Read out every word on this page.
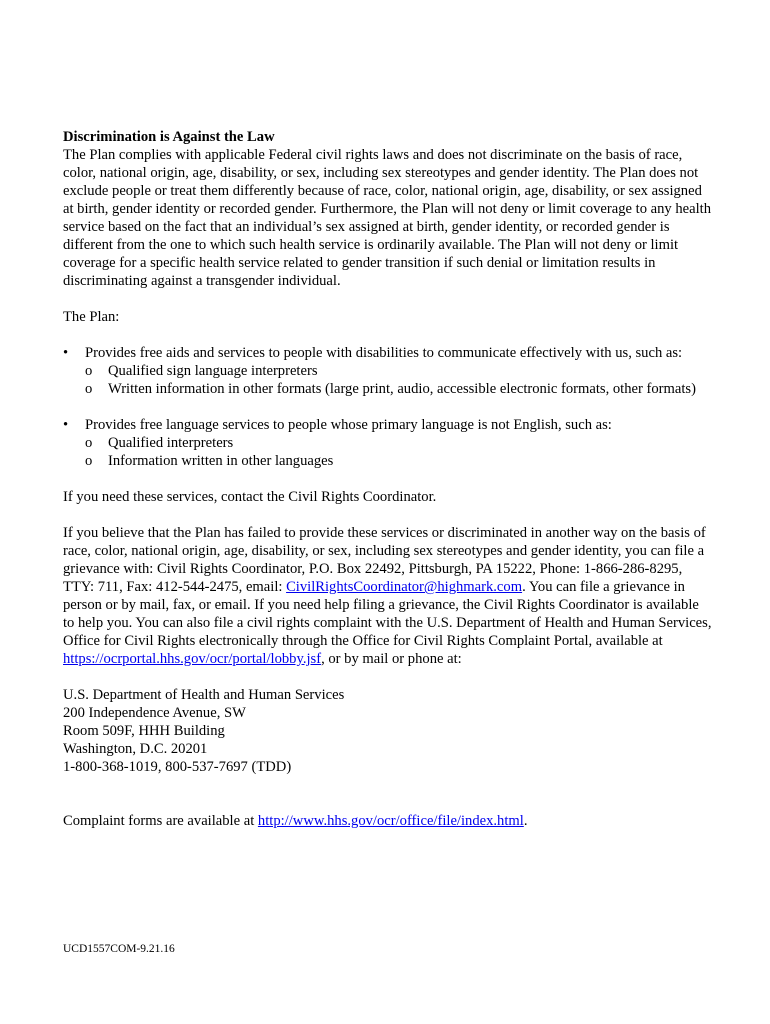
Discrimination is Against the Law

The Plan complies with applicable Federal civil rights laws and does not discriminate on the basis of race, color, national origin, age, disability, or sex, including sex stereotypes and gender identity. The Plan does not exclude people or treat them differently because of race, color, national origin, age, disability, or sex assigned at birth, gender identity or recorded gender. Furthermore, the Plan will not deny or limit coverage to any health service based on the fact that an individual’s sex assigned at birth, gender identity, or recorded gender is different from the one to which such health service is ordinarily available. The Plan will not deny or limit coverage for a specific health service related to gender transition if such denial or limitation results in discriminating against a transgender individual.

The Plan:

•	Provides free aids and services to people with disabilities to communicate effectively with us, such as:
o Qualified sign language interpreters
o Written information in other formats (large print, audio, accessible electronic formats, other formats)
•	Provides free language services to people whose primary language is not English, such as:
o Qualified interpreters
o Information written in other languages

If you need these services, contact the Civil Rights Coordinator.

If you believe that the Plan has failed to provide these services or discriminated in another way on the basis of race, color, national origin, age, disability, or sex, including sex stereotypes and gender identity, you can file a grievance with: Civil Rights Coordinator, P.O. Box 22492, Pittsburgh, PA 15222, Phone: 1-866-286-8295, TTY: 711, Fax: 412-544-2475, email: CivilRightsCoordinator@highmark.com. You can file a grievance in person or by mail, fax, or email. If you need help filing a grievance, the Civil Rights Coordinator is available to help you. You can also file a civil rights complaint with the U.S. Department of Health and Human Services, Office for Civil Rights electronically through the Office for Civil Rights Complaint Portal, available at https://ocrportal.hhs.gov/ocr/portal/lobby.jsf, or by mail or phone at:

U.S. Department of Health and Human Services

200 Independence Avenue, SW

Room 509F, HHH Building

Washington, D.C. 20201

1-800-368-1019, 800-537-7697 (TDD)

Complaint forms are available at http://www.hhs.gov/ocr/office/file/index.html.

UCD1557COM-9.21.16
